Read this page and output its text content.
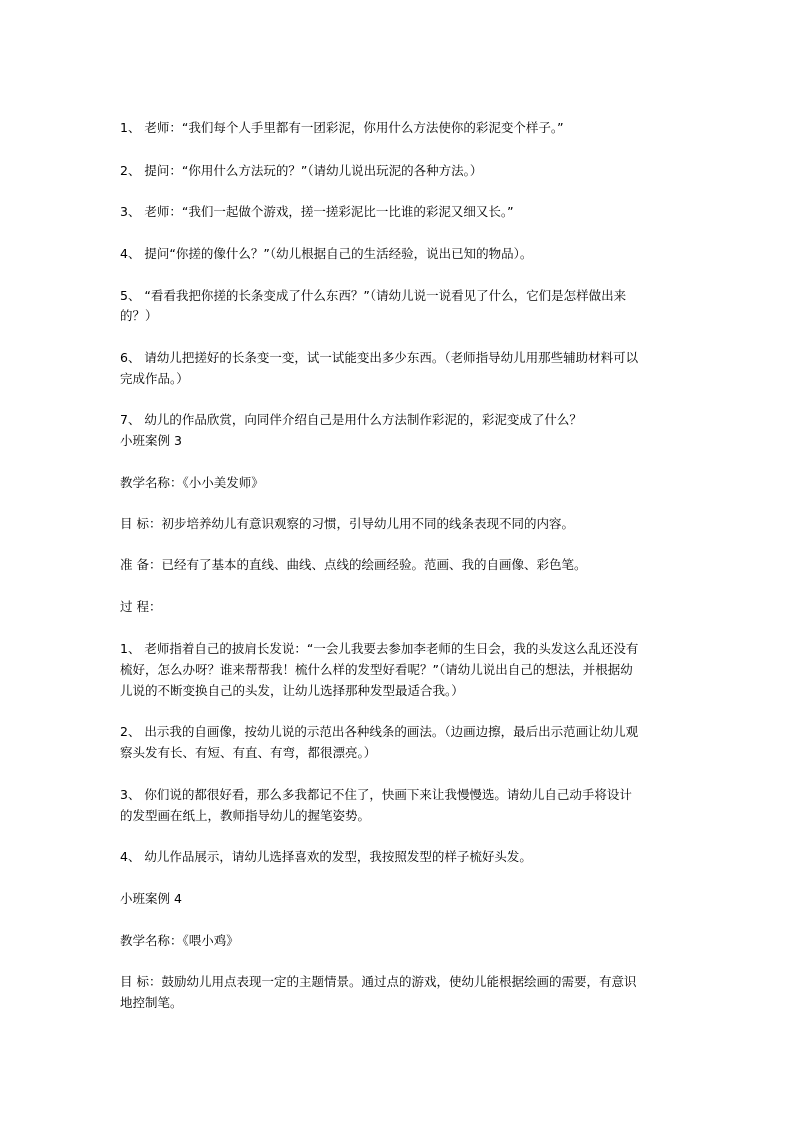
1、 老师：“我们每个人手里都有一团彩泥，你用什么方法使你的彩泥变个样子。”
2、 提问：“你用什么方法玩的？”（请幼儿说出玩泥的各种方法。）
3、 老师：“我们一起做个游戏，搓一搓彩泥比一比谁的彩泥又细又长。”
4、 提问“你搓的像什么？”（幼儿根据自己的生活经验，说出已知的物品）。
5、 “看看我把你搓的长条变成了什么东西？”（请幼儿说一说看见了什么，它们是怎样做出来
的？）
6、 请幼儿把搓好的长条变一变，试一试能变出多少东西。（老师指导幼儿用那些辅助材料可以
完成作品。）
7、 幼儿的作品欣赏，向同伴介绍自己是用什么方法制作彩泥的，彩泥变成了什么？
小班案例 3
教学名称：《小小美发师》
目 标：初步培养幼儿有意识观察的习惯，引导幼儿用不同的线条表现不同的内容。
准 备：已经有了基本的直线、曲线、点线的绘画经验。范画、我的自画像、彩色笔。
过 程：
1、 老师指着自己的披肩长发说：“一会儿我要去参加李老师的生日会，我的头发这么乱还没有
梳好，怎么办呀？谁来帮帮我！梳什么样的发型好看呢？”（请幼儿说出自己的想法，并根据幼
儿说的不断变换自己的头发，让幼儿选择那种发型最适合我。）
2、 出示我的自画像，按幼儿说的示范出各种线条的画法。（边画边擦，最后出示范画让幼儿观
察头发有长、有短、有直、有弯，都很漂亮。）
3、 你们说的都很好看，那么多我都记不住了，快画下来让我慢慢选。请幼儿自己动手将设计
的发型画在纸上，教师指导幼儿的握笔姿势。
4、 幼儿作品展示，请幼儿选择喜欢的发型，我按照发型的样子梳好头发。
小班案例 4
教学名称：《喂小鸡》
目 标：鼓励幼儿用点表现一定的主题情景。通过点的游戏，使幼儿能根据绘画的需要，有意识
地控制笔。
